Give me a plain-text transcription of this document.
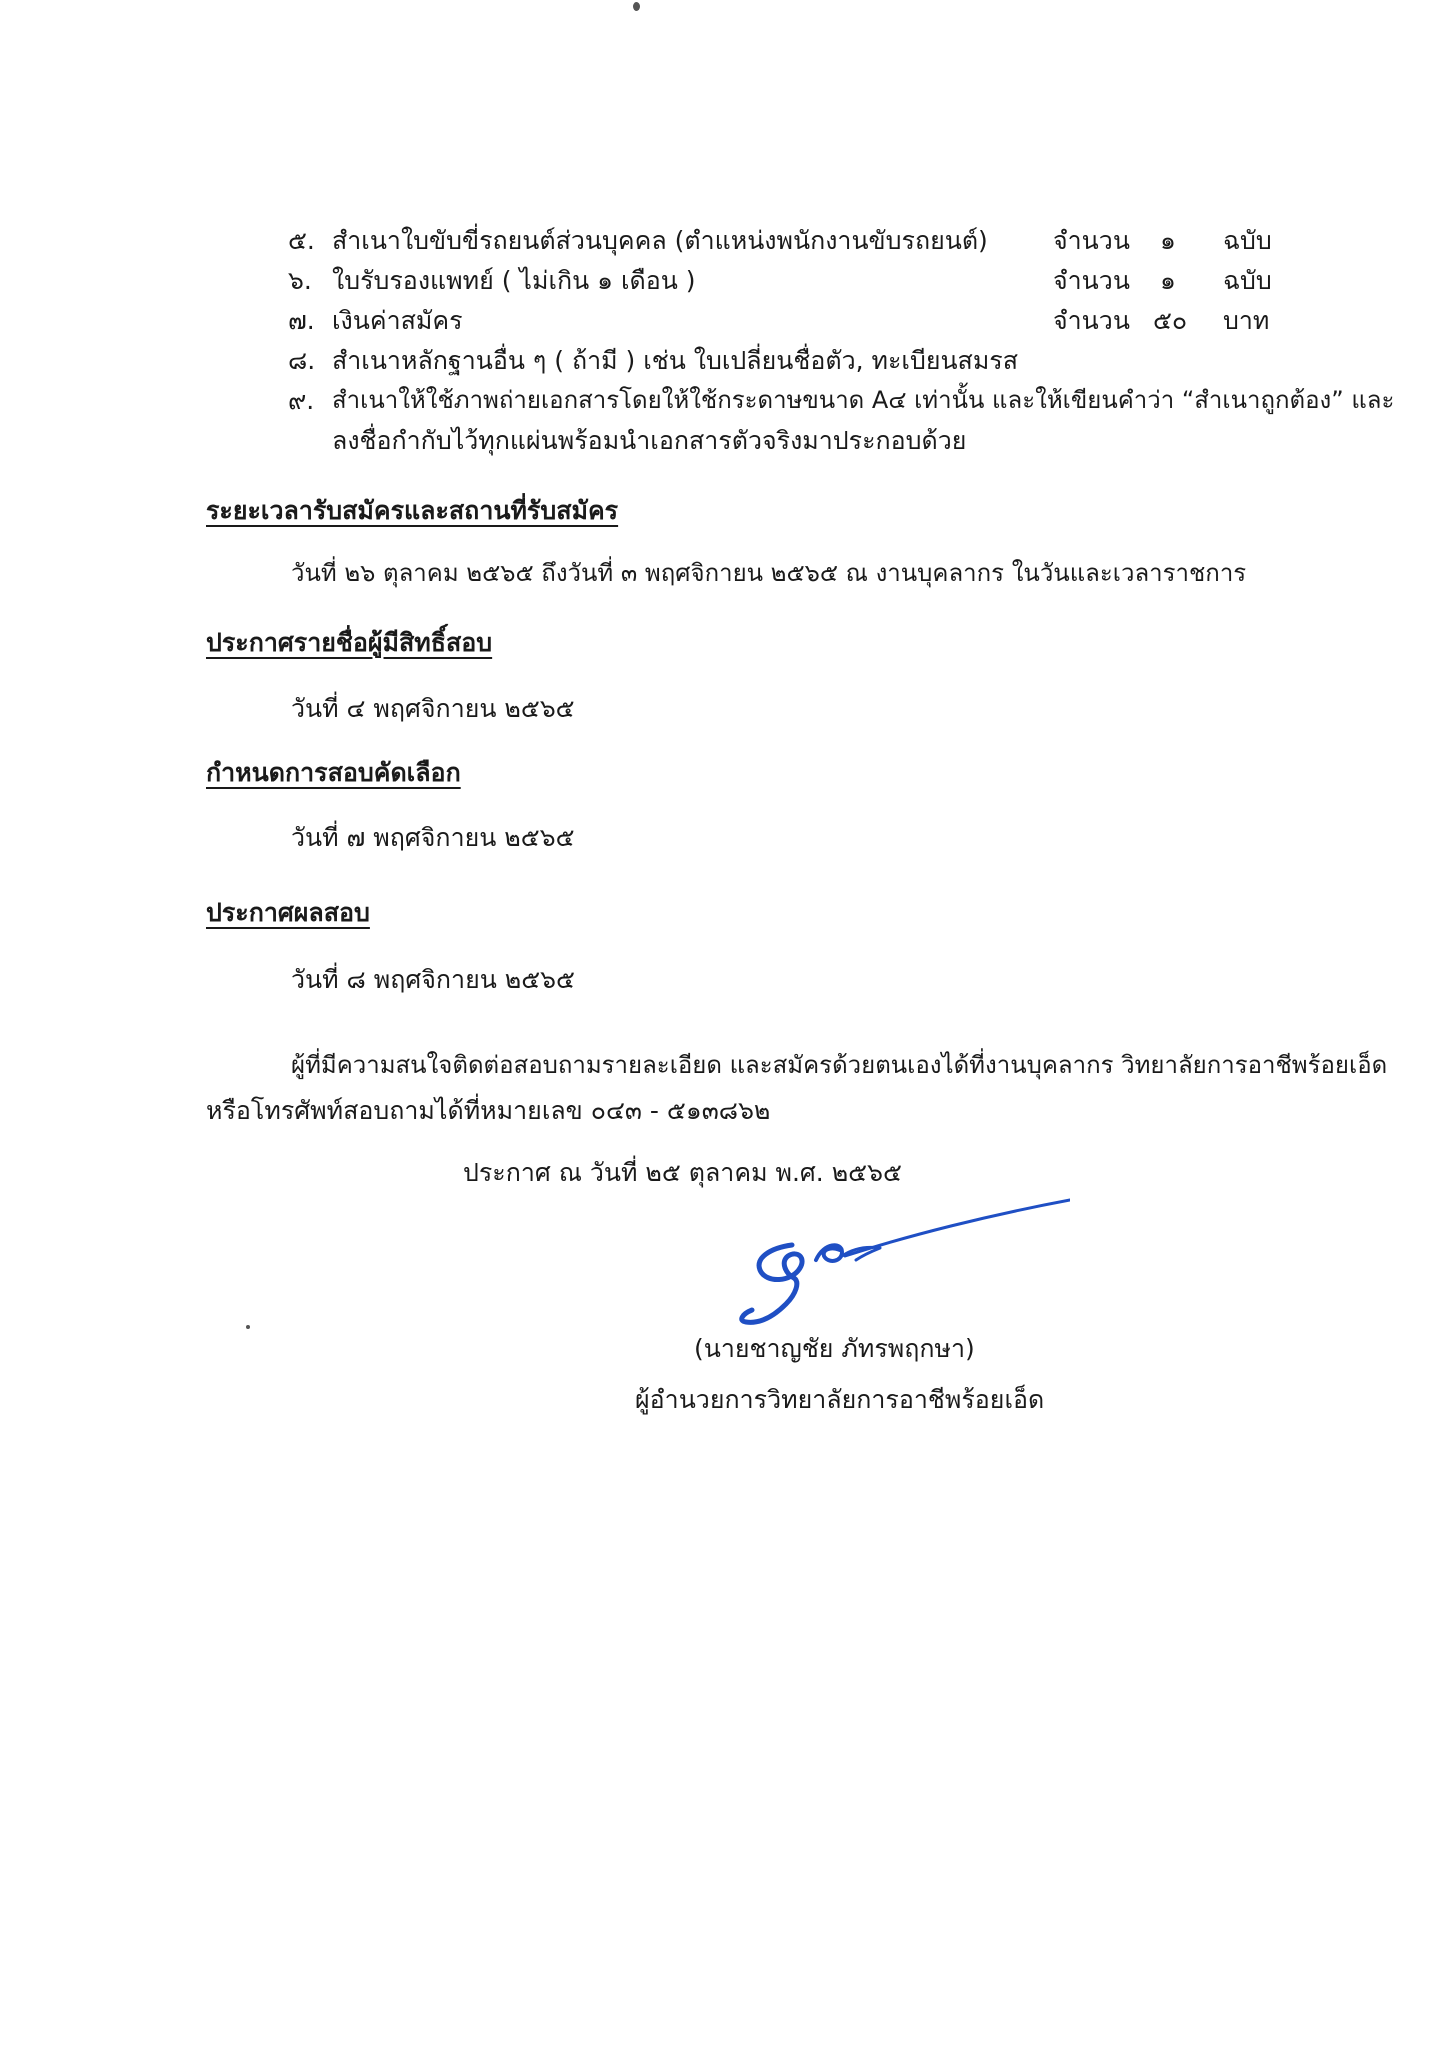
๕. สำเนาใบขับขี่รถยนต์ส่วนบุคคล (ตำแหน่งพนักงานขับรถยนต์)	จำนวน ๑ ฉบับ
๖. ใบรับรองแพทย์ ( ไม่เกิน ๑ เดือน )	จำนวน ๑ ฉบับ
๗. เงินค่าสมัคร	จำนวน ๕๐ บาท
๘. สำเนาหลักฐานอื่น ๆ ( ถ้ามี ) เช่น ใบเปลี่ยนชื่อตัว, ทะเบียนสมรส
๙. สำเนาให้ใช้ภาพถ่ายเอกสารโดยให้ใช้กระดาษขนาด A๔ เท่านั้น และให้เขียนคำว่า “สำเนาถูกต้อง” และ
ลงชื่อกำกับไว้ทุกแผ่นพร้อมนำเอกสารตัวจริงมาประกอบด้วย
ระยะเวลารับสมัครและสถานที่รับสมัคร
วันที่ ๒๖ ตุลาคม ๒๕๖๕ ถึงวันที่ ๓ พฤศจิกายน ๒๕๖๕ ณ งานบุคลากร ในวันและเวลาราชการ
ประกาศรายชื่อผู้มีสิทธิ์สอบ
วันที่ ๔ พฤศจิกายน ๒๕๖๕
กำหนดการสอบคัดเลือก
วันที่ ๗ พฤศจิกายน ๒๕๖๕
ประกาศผลสอบ
วันที่ ๘ พฤศจิกายน ๒๕๖๕
ผู้ที่มีความสนใจติดต่อสอบถามรายละเอียด และสมัครด้วยตนเองได้ที่งานบุคลากร วิทยาลัยการอาชีพร้อยเอ็ด
หรือโทรศัพท์สอบถามได้ที่หมายเลข ๐๔๓ - ๕๑๓๘๖๒
ประกาศ ณ วันที่ ๒๕ ตุลาคม พ.ศ. ๒๕๖๕
(นายชาญชัย ภัทรพฤกษา)
ผู้อำนวยการวิทยาลัยการอาชีพร้อยเอ็ด
